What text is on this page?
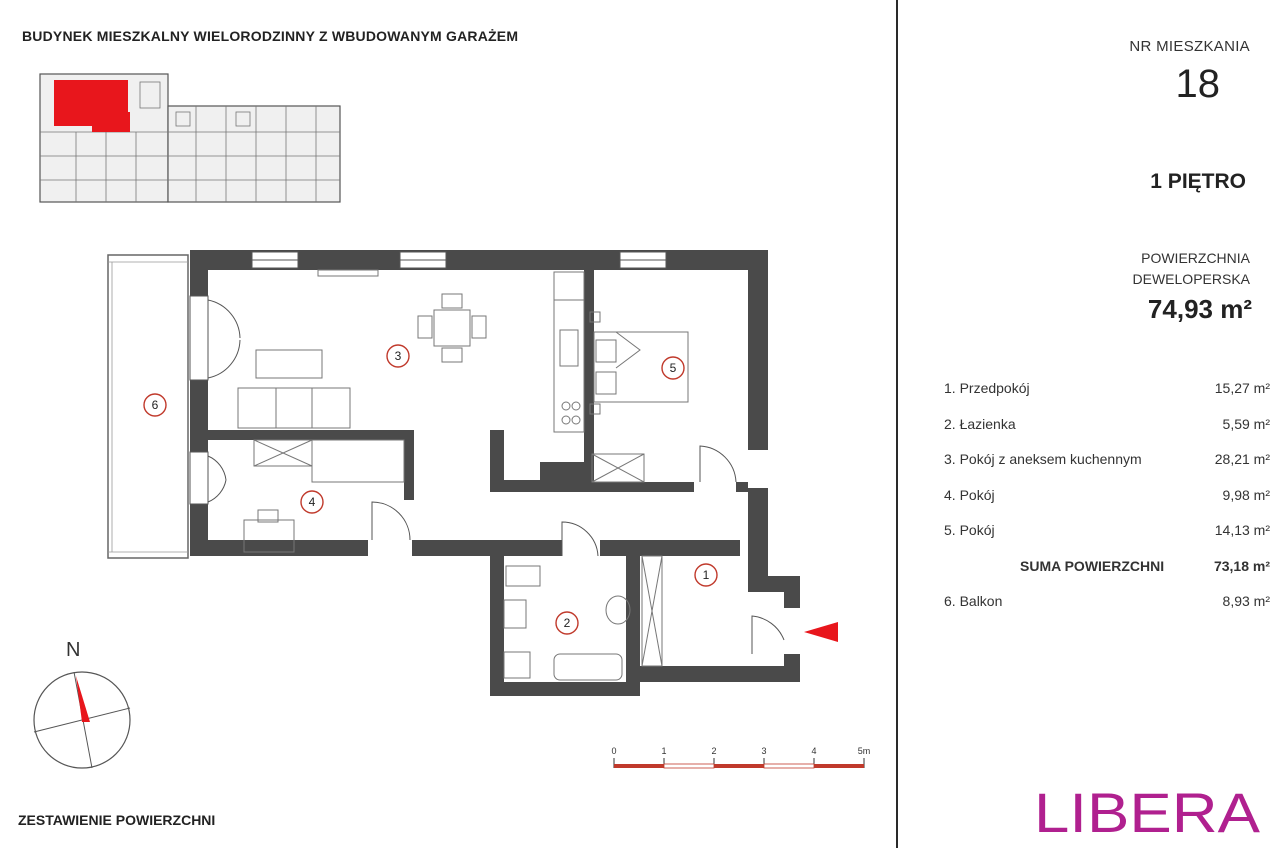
BUDYNEK MIESZKALNY WIELORODZINNY Z WBUDOWANYM GARAŻEM
1
2
3
4
5
6
N
0	1	2	3	4	5m
ZESTAWIENIE POWIERZCHNI
NR MIESZKANIA
18
1 PIĘTRO
POWIERZCHNIA
DEWELOPERSKA
74,93 m²
1. Przedpokój	15,27 m²
2. Łazienka	5,59 m²
3. Pokój z aneksem kuchennym	28,21 m²
4. Pokój	9,98 m²
5. Pokój	14,13 m²
SUMA POWIERZCHNI	73,18 m²
6. Balkon	8,93 m²
LIBERA
